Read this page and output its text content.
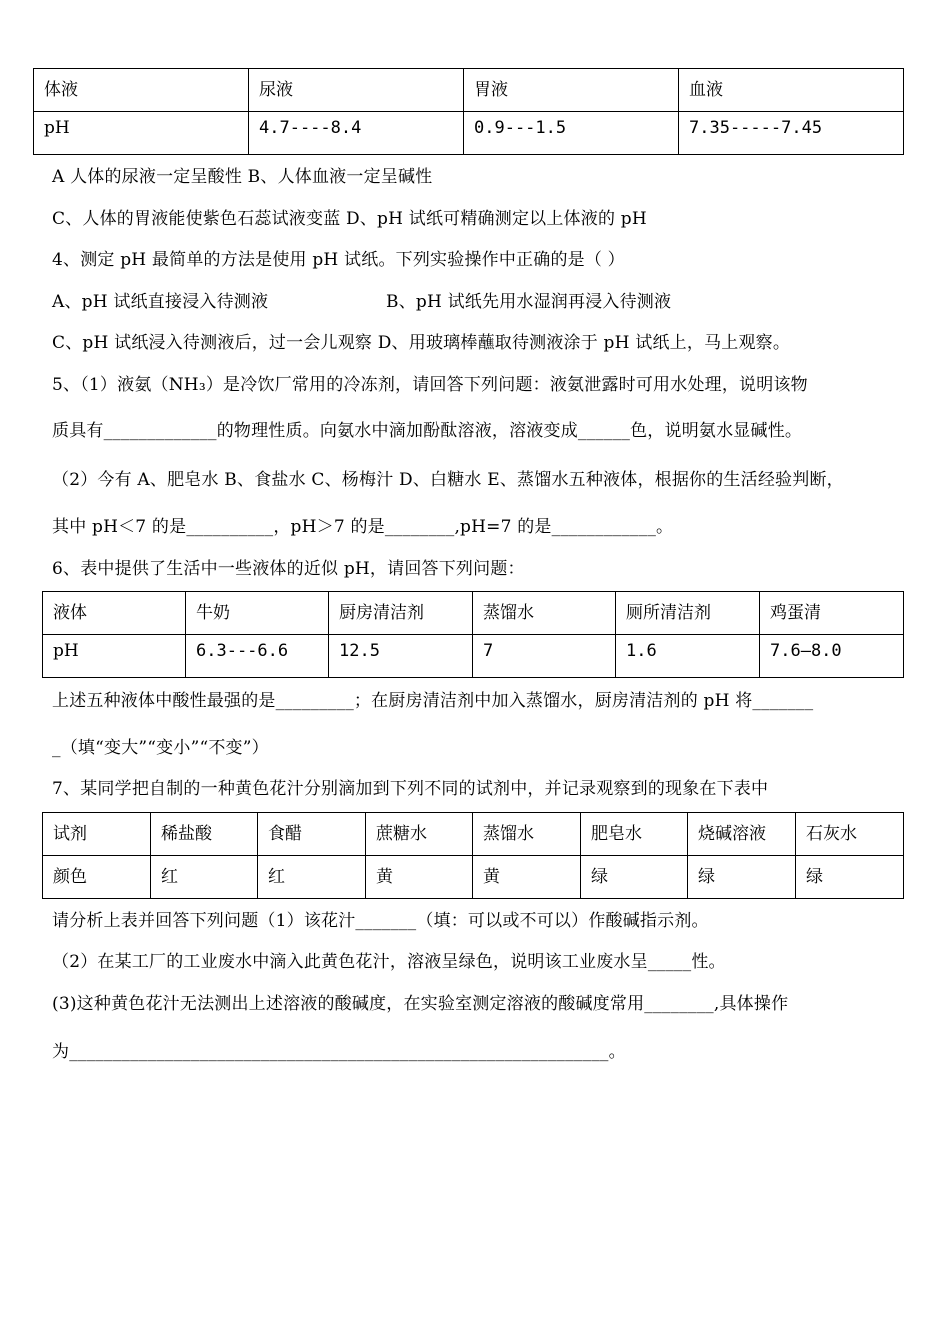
体液	尿液	胃液	血液
pH	4.7----8.4	0.9---1.5	7.35-----7.45
A 人体的尿液一定呈酸性 B、人体血液一定呈碱性
C、人体的胃液能使紫色石蕊试液变蓝 D、pH 试纸可精确测定以上体液的 pH
4、测定 pH 最简单的方法是使用 pH 试纸。下列实验操作中正确的是（ ）
A、pH 试纸直接浸入待测液	B、pH 试纸先用水湿润再浸入待测液
C、pH 试纸浸入待测液后，过一会儿观察 D、用玻璃棒蘸取待测液涂于 pH 试纸上，马上观察。
5、（1）液氨（NH₃）是冷饮厂常用的冷冻剂，请回答下列问题：液氨泄露时可用水处理，说明该物
质具有_____________的物理性质。向氨水中滴加酚酞溶液，溶液变成______色，说明氨水显碱性。
（2）今有 A、肥皂水 B、食盐水 C、杨梅汁 D、白糖水 E、蒸馏水五种液体，根据你的生活经验判断，
其中 pH＜7 的是__________，pH＞7 的是________,pH=7 的是____________。
6、表中提供了生活中一些液体的近似 pH，请回答下列问题：
液体	牛奶	厨房清洁剂	蒸馏水	厕所清洁剂	鸡蛋清
pH	6.3---6.6	12.5	7	1.6	7.6—8.0
上述五种液体中酸性最强的是_________；在厨房清洁剂中加入蒸馏水，厨房清洁剂的 pH 将_______
_（填“变大”“变小”“不变”）
7、某同学把自制的一种黄色花汁分别滴加到下列不同的试剂中，并记录观察到的现象在下表中
试剂	稀盐酸	食醋	蔗糖水	蒸馏水	肥皂水	烧碱溶液	石灰水
颜色	红	红	黄	黄	绿	绿	绿
请分析上表并回答下列问题（1）该花汁_______（填：可以或不可以）作酸碱指示剂。
（2）在某工厂的工业废水中滴入此黄色花汁，溶液呈绿色，说明该工业废水呈_____性。
(3)这种黄色花汁无法测出上述溶液的酸碱度，在实验室测定溶液的酸碱度常用________,具体操作
为______________________________________________________________。
